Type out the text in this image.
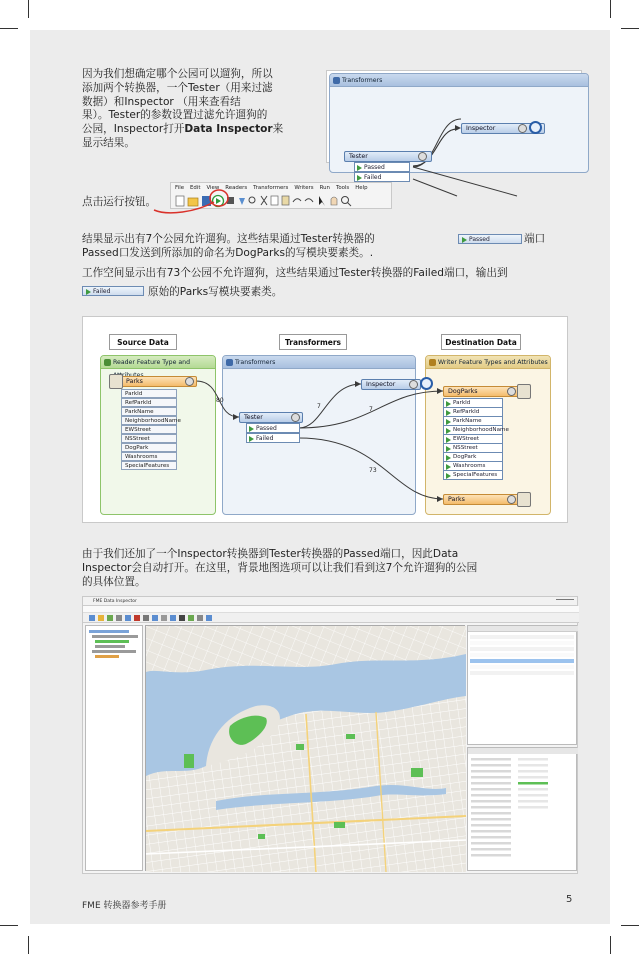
因为我们想确定哪个公园可以遛狗，所以
添加两个转换器，一个Tester（用来过滤
数据）和Inspector （用来查看结
果）。Tester的参数设置过滤允许遛狗的
公园，Inspector打开Data Inspector来
显示结果。
Transformers
Inspector
Tester
Passed
Failed
点击运行按钮。
File Edit View Readers Transformers Writers Run Tools Help
结果显示出有7个公园允许遛狗。这些结果通过Tester转换器的
Passed口发送到所添加的命名为DogParks的写模块要素类。.
Passed	端口
工作空间显示出有73个公园不允许遛狗，这些结果通过Tester转换器的Failed端口，输出到
Failed	原始的Parks写模块要素类。
Source Data	Transformers	Destination Data
Reader Feature Type and	Transformers	Writer Feature Types and Attributes
80
7	7
73
Parks
ParkId
RefParkId
ParkName
NeighborhoodName
EWStreet
NSStreet
DogPark
Washrooms
SpecialFeatures
Tester
Passed
Failed
Inspector
DogParks
ParkId
RefParkId
ParkName
NeighborhoodName
EWStreet
NSStreet
DogPark
Washrooms
SpecialFeatures
Parks
由于我们还加了一个Inspector转换器到Tester转换器的Passed端口，因此Data
Inspector会自动打开。在这里，背景地图选项可以让我们看到这7个允许遛狗的公园
的具体位置。
FME Data Inspector
FME 转换器参考手册
5
